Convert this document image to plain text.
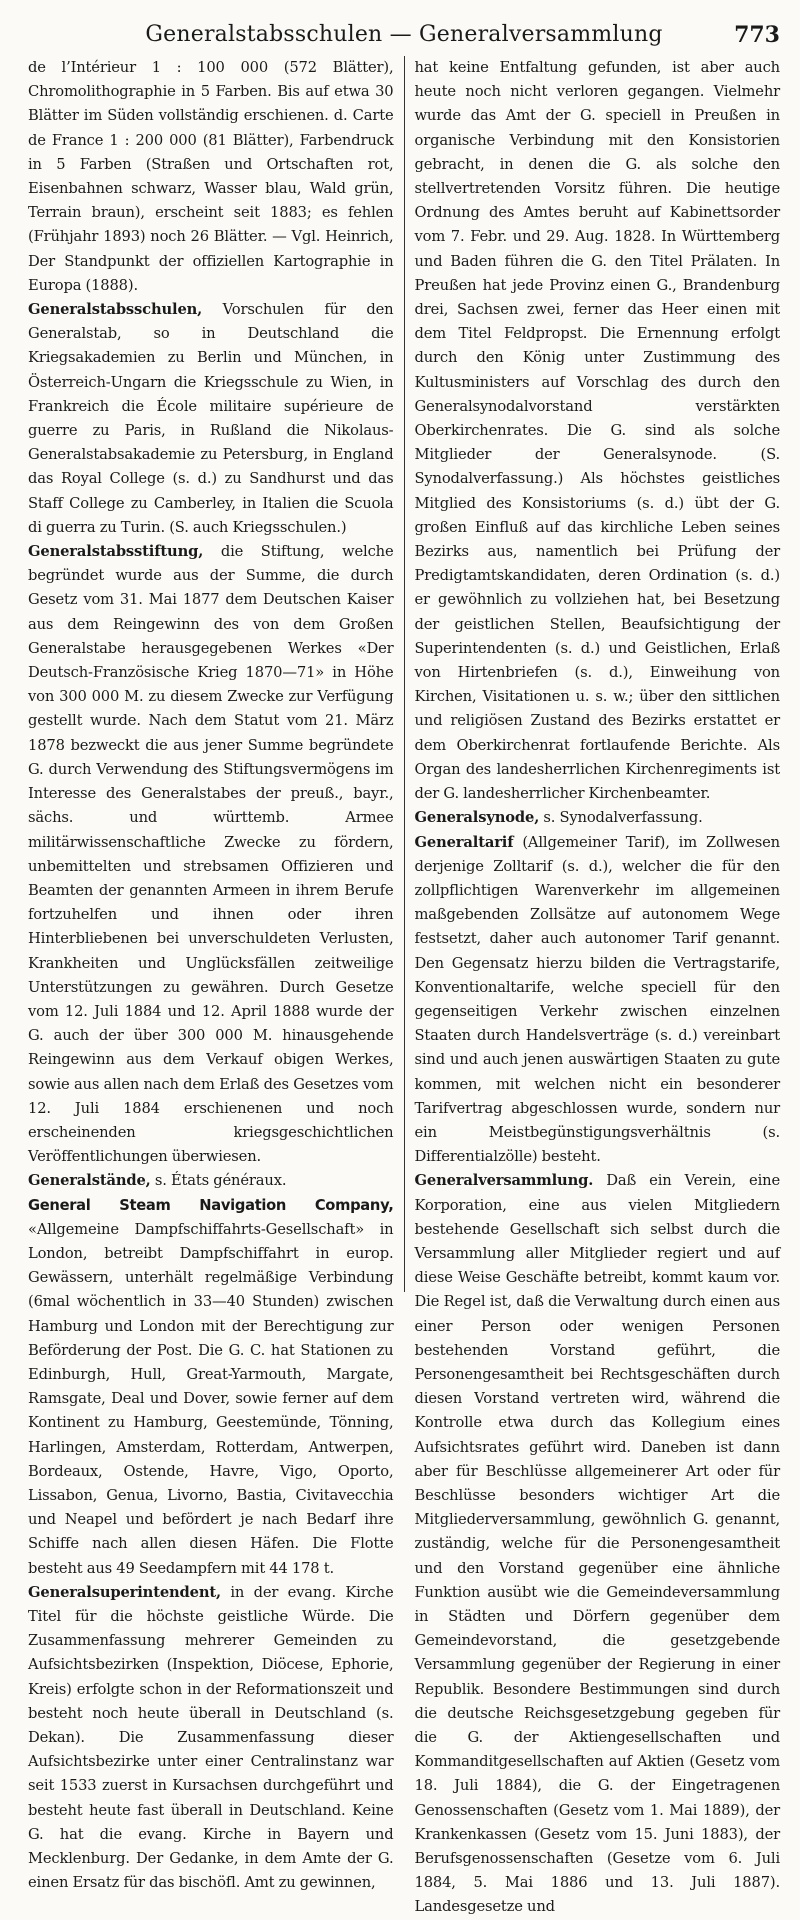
Generalstabsschulen — Generalversammlung	773

de l’Intérieur 1 : 100 000 (572 Blätter), Chromolithographie in 5 Farben. Bis auf etwa 30 Blätter im Süden vollständig erschienen. d. Carte de France 1 : 200 000 (81 Blätter), Farbendruck in 5 Farben (Straßen und Ortschaften rot, Eisenbahnen schwarz, Wasser blau, Wald grün, Terrain braun), erscheint seit 1883; es fehlen (Frühjahr 1893) noch 26 Blätter. — Vgl. Heinrich, Der Standpunkt der offiziellen Kartographie in Europa (1888).

Generalstabsschulen, Vorschulen für den Generalstab, so in Deutschland die Kriegsakademien zu Berlin und München, in Österreich-Ungarn die Kriegsschule zu Wien, in Frankreich die École militaire supérieure de guerre zu Paris, in Rußland die Nikolaus-Generalstabsakademie zu Petersburg, in England das Royal College (s. d.) zu Sandhurst und das Staff College zu Camberley, in Italien die Scuola di guerra zu Turin. (S. auch Kriegsschulen.)

Generalstabsstiftung, die Stiftung, welche begründet wurde aus der Summe, die durch Gesetz vom 31. Mai 1877 dem Deutschen Kaiser aus dem Reingewinn des von dem Großen Generalstabe herausgegebenen Werkes «Der Deutsch-Französische Krieg 1870—71» in Höhe von 300 000 M. zu diesem Zwecke zur Verfügung gestellt wurde. Nach dem Statut vom 21. März 1878 bezweckt die aus jener Summe begründete G. durch Verwendung des Stiftungsvermögens im Interesse des Generalstabes der preuß., bayr., sächs. und württemb. Armee militärwissenschaftliche Zwecke zu fördern, unbemittelten und strebsamen Offizieren und Beamten der genannten Armeen in ihrem Berufe fortzuhelfen und ihnen oder ihren Hinterbliebenen bei unverschuldeten Verlusten, Krankheiten und Unglücksfällen zeitweilige Unterstützungen zu gewähren. Durch Gesetze vom 12. Juli 1884 und 12. April 1888 wurde der G. auch der über 300 000 M. hinausgehende Reingewinn aus dem Verkauf obigen Werkes, sowie aus allen nach dem Erlaß des Gesetzes vom 12. Juli 1884 erschienenen und noch erscheinenden kriegsgeschichtlichen Veröffentlichungen überwiesen.

Generalstände, s. États généraux.

General Steam Navigation Company, «Allgemeine Dampfschiffahrts-Gesellschaft» in London, betreibt Dampfschiffahrt in europ. Gewässern, unterhält regelmäßige Verbindung (6mal wöchentlich in 33—40 Stunden) zwischen Hamburg und London mit der Berechtigung zur Beförderung der Post. Die G. C. hat Stationen zu Edinburgh, Hull, Great-Yarmouth, Margate, Ramsgate, Deal und Dover, sowie ferner auf dem Kontinent zu Hamburg, Geestemünde, Tönning, Harlingen, Amsterdam, Rotterdam, Antwerpen, Bordeaux, Ostende, Havre, Vigo, Oporto, Lissabon, Genua, Livorno, Bastia, Civitavecchia und Neapel und befördert je nach Bedarf ihre Schiffe nach allen diesen Häfen. Die Flotte besteht aus 49 Seedampfern mit 44 178 t.

Generalsuperintendent, in der evang. Kirche Titel für die höchste geistliche Würde. Die Zusammenfassung mehrerer Gemeinden zu Aufsichtsbezirken (Inspektion, Diöcese, Ephorie, Kreis) erfolgte schon in der Reformationszeit und besteht noch heute überall in Deutschland (s. Dekan). Die Zusammenfassung dieser Aufsichtsbezirke unter einer Centralinstanz war seit 1533 zuerst in Kursachsen durchgeführt und besteht heute fast überall in Deutschland. Keine G. hat die evang. Kirche in Bayern und Mecklenburg. Der Gedanke, in dem Amte der G. einen Ersatz für das bischöfl. Amt zu gewinnen,

hat keine Entfaltung gefunden, ist aber auch heute noch nicht verloren gegangen. Vielmehr wurde das Amt der G. speciell in Preußen in organische Verbindung mit den Konsistorien gebracht, in denen die G. als solche den stellvertretenden Vorsitz führen. Die heutige Ordnung des Amtes beruht auf Kabinettsorder vom 7. Febr. und 29. Aug. 1828. In Württemberg und Baden führen die G. den Titel Prälaten. In Preußen hat jede Provinz einen G., Brandenburg drei, Sachsen zwei, ferner das Heer einen mit dem Titel Feldpropst. Die Ernennung erfolgt durch den König unter Zustimmung des Kultusministers auf Vorschlag des durch den Generalsynodalvorstand verstärkten Oberkirchenrates. Die G. sind als solche Mitglieder der Generalsynode. (S. Synodalverfassung.) Als höchstes geistliches Mitglied des Konsistoriums (s. d.) übt der G. großen Einfluß auf das kirchliche Leben seines Bezirks aus, namentlich bei Prüfung der Predigtamtskandidaten, deren Ordination (s. d.) er gewöhnlich zu vollziehen hat, bei Besetzung der geistlichen Stellen, Beaufsichtigung der Superintendenten (s. d.) und Geistlichen, Erlaß von Hirtenbriefen (s. d.), Einweihung von Kirchen, Visitationen u. s. w.; über den sittlichen und religiösen Zustand des Bezirks erstattet er dem Oberkirchenrat fortlaufende Berichte. Als Organ des landesherrlichen Kirchenregiments ist der G. landesherrlicher Kirchenbeamter.

Generalsynode, s. Synodalverfassung.

Generaltarif (Allgemeiner Tarif), im Zollwesen derjenige Zolltarif (s. d.), welcher die für den zollpflichtigen Warenverkehr im allgemeinen maßgebenden Zollsätze auf autonomem Wege festsetzt, daher auch autonomer Tarif genannt. Den Gegensatz hierzu bilden die Vertragstarife, Konventionaltarife, welche speciell für den gegenseitigen Verkehr zwischen einzelnen Staaten durch Handelsverträge (s. d.) vereinbart sind und auch jenen auswärtigen Staaten zu gute kommen, mit welchen nicht ein besonderer Tarifvertrag abgeschlossen wurde, sondern nur ein Meistbegünstigungsverhältnis (s. Differentialzölle) besteht.

Generalversammlung. Daß ein Verein, eine Korporation, eine aus vielen Mitgliedern bestehende Gesellschaft sich selbst durch die Versammlung aller Mitglieder regiert und auf diese Weise Geschäfte betreibt, kommt kaum vor. Die Regel ist, daß die Verwaltung durch einen aus einer Person oder wenigen Personen bestehenden Vorstand geführt, die Personengesamtheit bei Rechtsgeschäften durch diesen Vorstand vertreten wird, während die Kontrolle etwa durch das Kollegium eines Aufsichtsrates geführt wird. Daneben ist dann aber für Beschlüsse allgemeinerer Art oder für Beschlüsse besonders wichtiger Art die Mitgliederversammlung, gewöhnlich G. genannt, zuständig, welche für die Personengesamtheit und den Vorstand gegenüber eine ähnliche Funktion ausübt wie die Gemeindeversammlung in Städten und Dörfern gegenüber dem Gemeindevorstand, die gesetzgebende Versammlung gegenüber der Regierung in einer Republik. Besondere Bestimmungen sind durch die deutsche Reichsgesetzgebung gegeben für die G. der Aktiengesellschaften und Kommanditgesellschaften auf Aktien (Gesetz vom 18. Juli 1884), die G. der Eingetragenen Genossenschaften (Gesetz vom 1. Mai 1889), der Krankenkassen (Gesetz vom 15. Juni 1883), der Berufsgenossenschaften (Gesetze vom 6. Juli 1884, 5. Mai 1886 und 13. Juli 1887). Landesgesetze und
